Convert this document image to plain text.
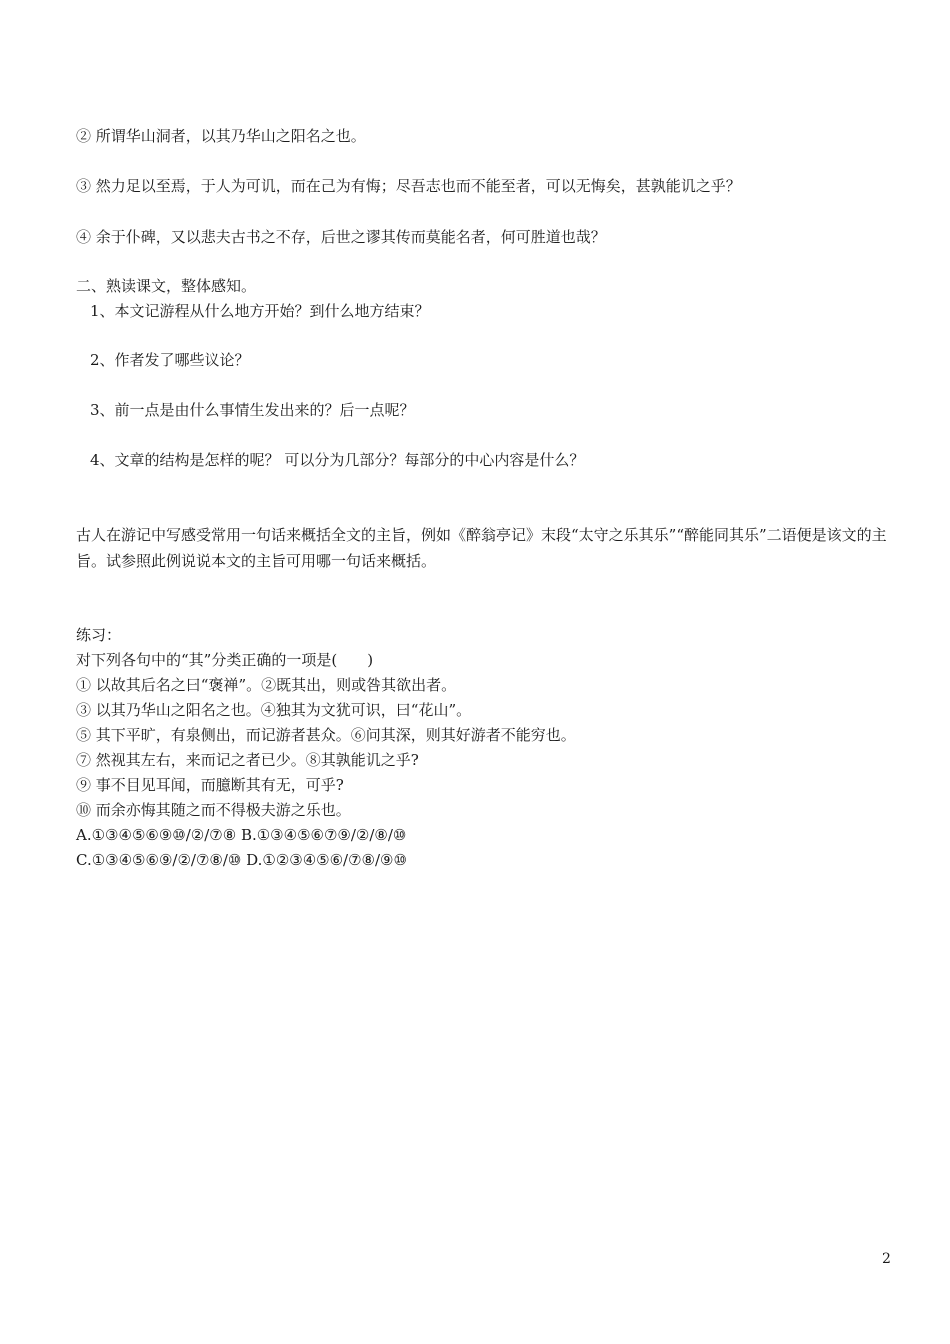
② 所谓华山洞者，以其乃华山之阳名之也。
③ 然力足以至焉，于人为可讥，而在己为有悔；尽吾志也而不能至者，可以无悔矣，甚孰能讥之乎？
④ 余于仆碑，又以悲夫古书之不存，后世之谬其传而莫能名者，何可胜道也哉？
二、熟读课文，整体感知。
1、本文记游程从什么地方开始？到什么地方结束？
2、作者发了哪些议论？
3、前一点是由什么事情生发出来的？后一点呢？
4、文章的结构是怎样的呢？ 可以分为几部分？每部分的中心内容是什么？
古人在游记中写感受常用一句话来概括全文的主旨，例如《醉翁亭记》末段“太守之乐其乐”“醉能同其乐”二语便是该文的主旨。试参照此例说说本文的主旨可用哪一句话来概括。
练习：
对下列各句中的“其”分类正确的一项是(　　)
① 以故其后名之曰“褒禅”。②既其出，则或咎其欲出者。
③ 以其乃华山之阳名之也。④独其为文犹可识，曰“花山”。
⑤ 其下平旷，有泉侧出，而记游者甚众。⑥问其深，则其好游者不能穷也。
⑦ 然视其左右，来而记之者已少。⑧其孰能讥之乎?
⑨ 事不目见耳闻，而臆断其有无，可乎?
⑩ 而余亦悔其随之而不得极夫游之乐也。
A.①③④⑤⑥⑨⑩/②/⑦⑧ B.①③④⑤⑥⑦⑨/②/⑧/⑩
C.①③④⑤⑥⑨/②/⑦⑧/⑩ D.①②③④⑤⑥/⑦⑧/⑨⑩
2
